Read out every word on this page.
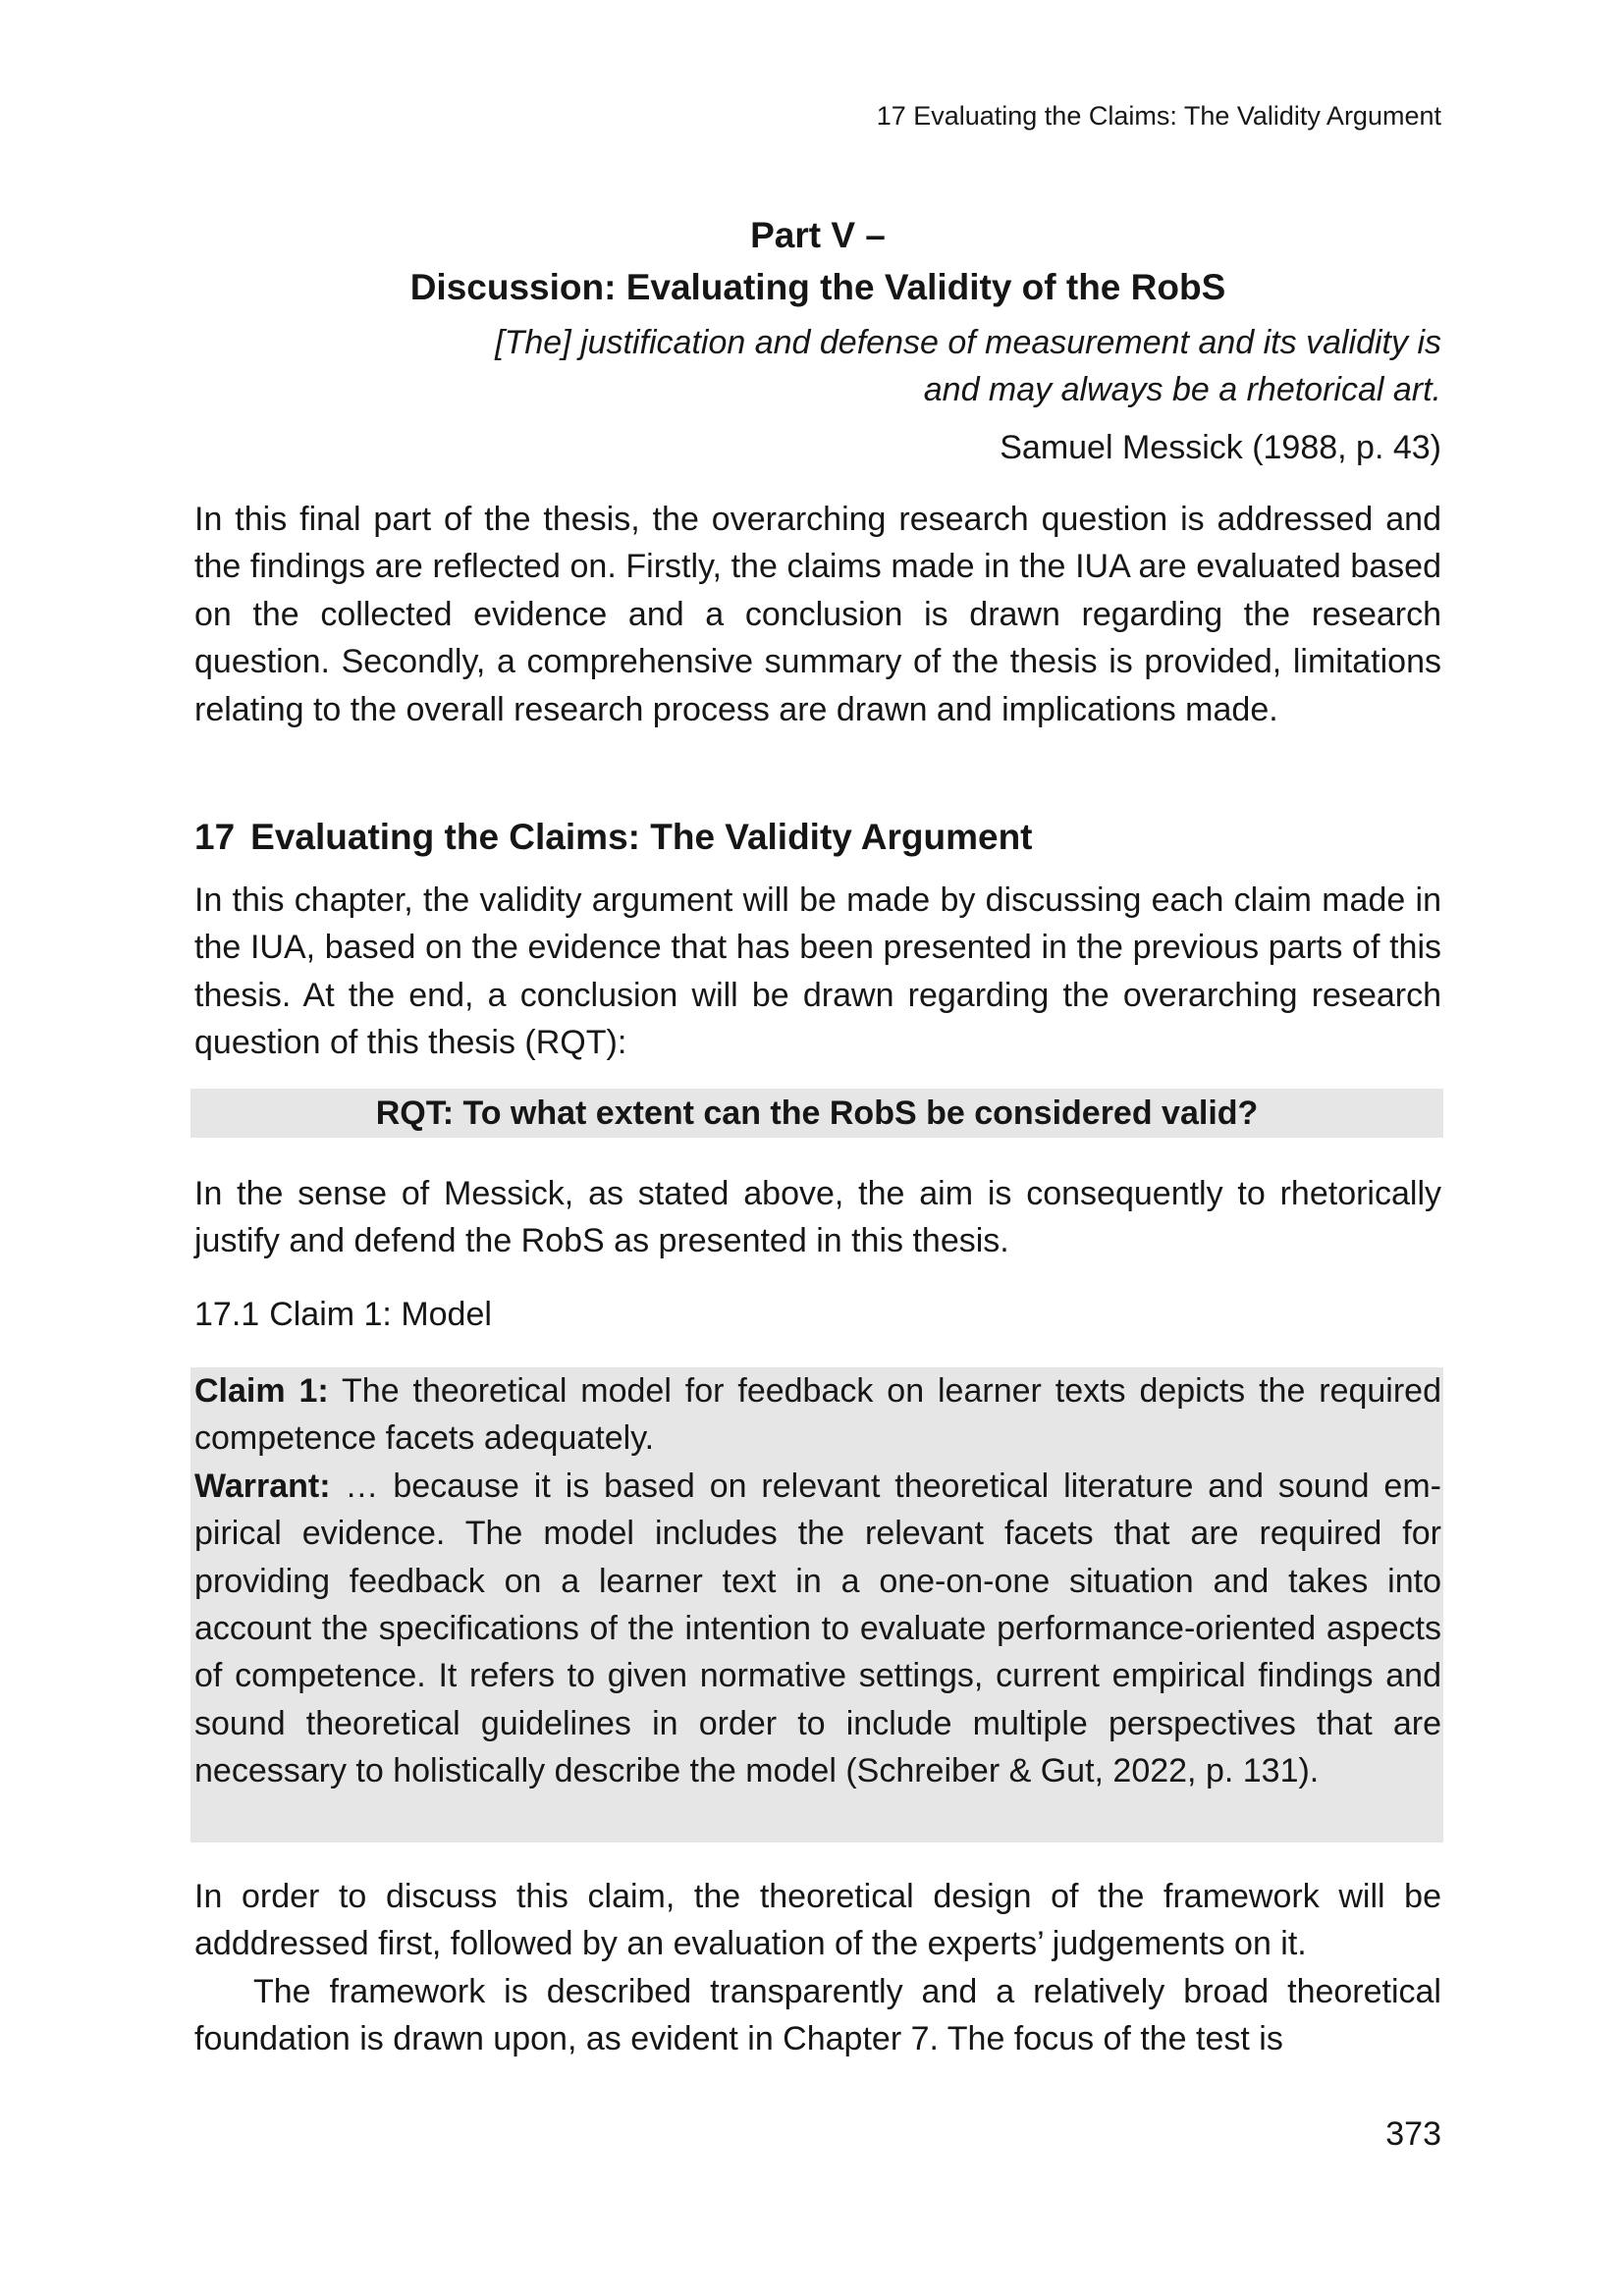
17 Evaluating the Claims: The Validity Argument
Part V –
Discussion: Evaluating the Validity of the RobS
[The] justification and defense of measurement and its validity is
and may always be a rhetorical art.
Samuel Messick (1988, p. 43)

In this final part of the thesis, the overarching research question is addressed and the findings are reflected on. Firstly, the claims made in the IUA are evaluated based on the collected evidence and a conclusion is drawn regarding the research question. Secondly, a comprehensive summary of the thesis is provided, limitations relating to the overall research process are drawn and implications made.

17 Evaluating the Claims: The Validity Argument

In this chapter, the validity argument will be made by discussing each claim made in the IUA, based on the evidence that has been presented in the previous parts of this thesis. At the end, a conclusion will be drawn regarding the overarching research question of this thesis (RQT):

RQT: To what extent can the RobS be considered valid?

In the sense of Messick, as stated above, the aim is consequently to rhetorically justify and defend the RobS as presented in this thesis.

17.1 Claim 1: Model

Claim 1: The theoretical model for feedback on learner texts depicts the required competence facets adequately.

Warrant: … because it is based on relevant theoretical literature and sound empirical evidence. The model includes the relevant facets that are required for providing feedback on a learner text in a one-on-one situation and takes into account the specifications of the intention to evaluate performance-oriented aspects of competence. It refers to given normative settings, current empirical findings and sound theoretical guidelines in order to include multiple perspectives that are necessary to holistically describe the model (Schreiber & Gut, 2022, p. 131).

In order to discuss this claim, the theoretical design of the framework will be adddressed first, followed by an evaluation of the experts’ judgements on it.

The framework is described transparently and a relatively broad theoretical foundation is drawn upon, as evident in Chapter 7. The focus of the test is

373
